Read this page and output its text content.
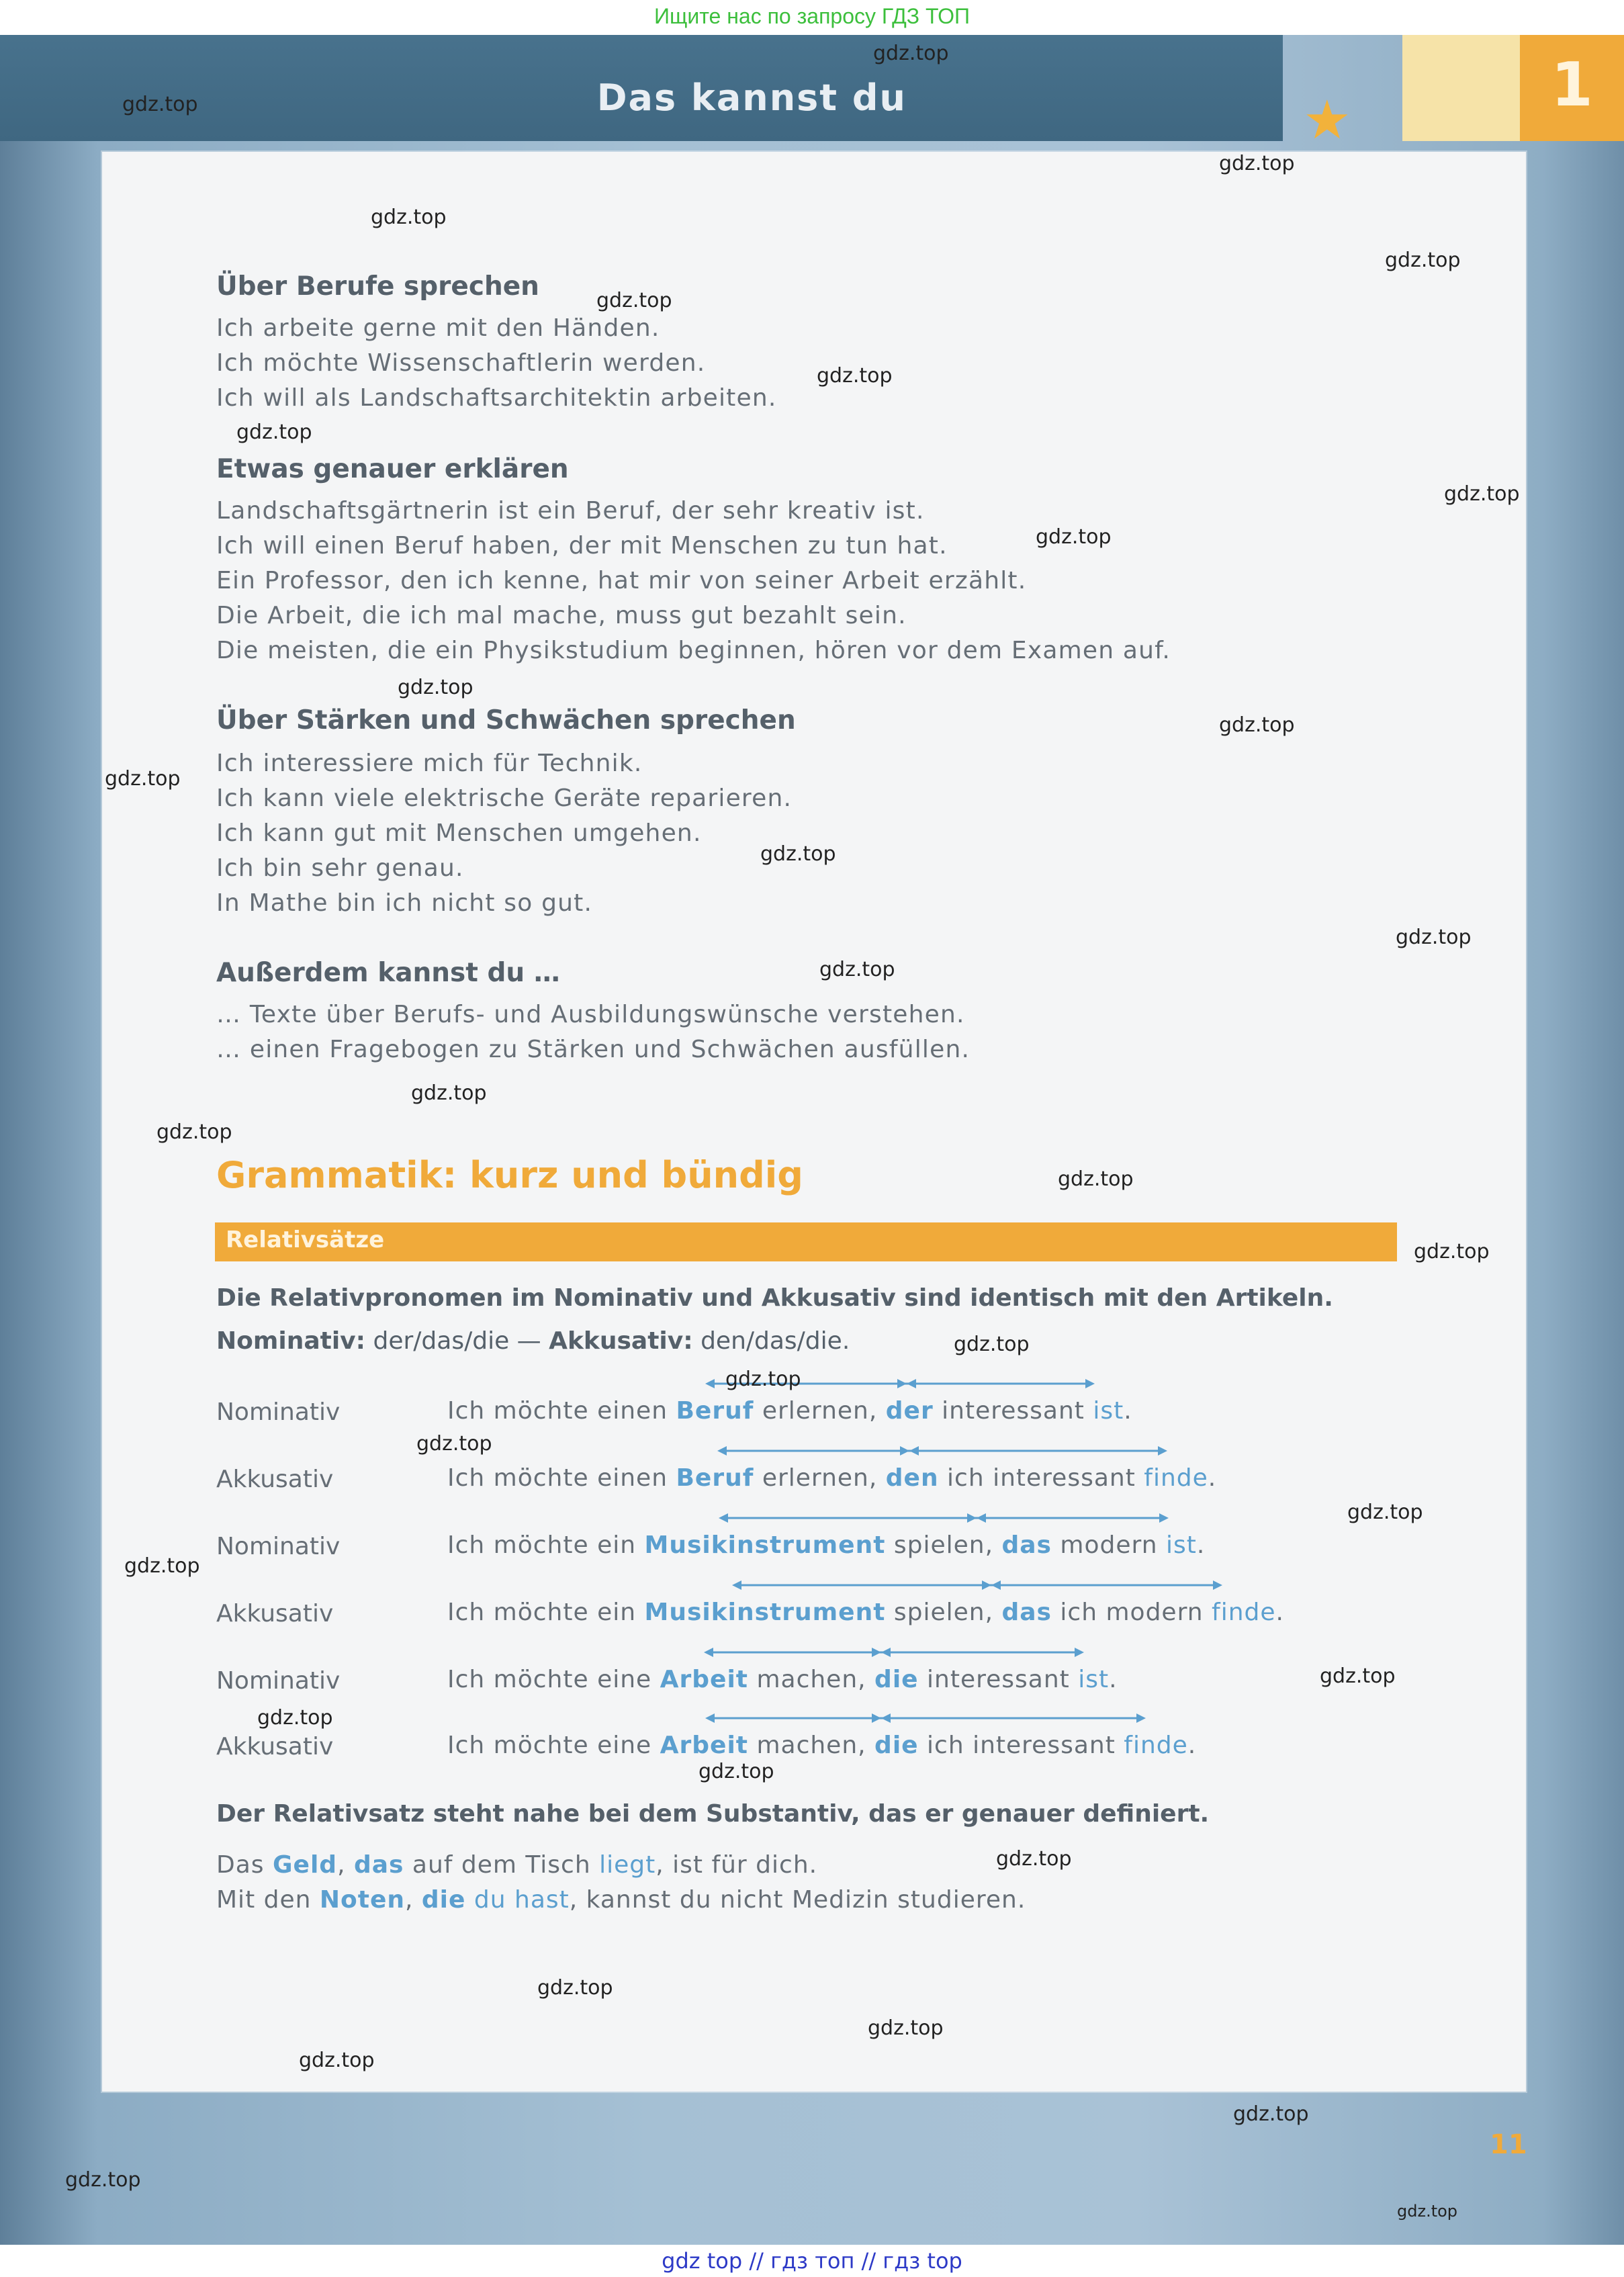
Ищите нас по запросу ГДЗ ТОП
Das kannst du	1
★
Über Berufe sprechen
Ich arbeite gerne mit den Händen.
Ich möchte Wissenschaftlerin werden.
Ich will als Landschaftsarchitektin arbeiten.
Etwas genauer erklären
Landschaftsgärtnerin ist ein Beruf, der sehr kreativ ist.
Ich will einen Beruf haben, der mit Menschen zu tun hat.
Ein Professor, den ich kenne, hat mir von seiner Arbeit erzählt.
Die Arbeit, die ich mal mache, muss gut bezahlt sein.
Die meisten, die ein Physikstudium beginnen, hören vor dem Examen auf.
Über Stärken und Schwächen sprechen
Ich interessiere mich für Technik.
Ich kann viele elektrische Geräte reparieren.
Ich kann gut mit Menschen umgehen.
Ich bin sehr genau.
In Mathe bin ich nicht so gut.
Außerdem kannst du …
… Texte über Berufs- und Ausbildungswünsche verstehen.
… einen Fragebogen zu Stärken und Schwächen ausfüllen.
Grammatik: kurz und bündig
Relativsätze
Die Relativpronomen im Nominativ und Akkusativ sind identisch mit den Artikeln.
Nominativ: der/das/die — Akkusativ: den/das/die.
Nominativ	Ich möchte einen Beruf erlernen, der interessant ist.
Akkusativ	Ich möchte einen Beruf erlernen, den ich interessant finde.
Nominativ	Ich möchte ein Musikinstrument spielen, das modern ist.
Akkusativ	Ich möchte ein Musikinstrument spielen, das ich modern finde.
Nominativ	Ich möchte eine Arbeit machen, die interessant ist.
Akkusativ	Ich möchte eine Arbeit machen, die ich interessant finde.
Der Relativsatz steht nahe bei dem Substantiv, das er genauer definiert.
Das Geld, das auf dem Tisch liegt, ist für dich.
Mit den Noten, die du hast, kannst du nicht Medizin studieren.
11
gdz.top
gdz.top
gdz.top
gdz.top
gdz.top
gdz.top
gdz.top
gdz.top
gdz.top
gdz.top
gdz.top
gdz.top
gdz.top
gdz.top
gdz.top
gdz.top
gdz.top
gdz.top
gdz.top
gdz.top
gdz.top
gdz.top
gdz.top
gdz.top
gdz.top
gdz.top
gdz.top
gdz.top
gdz.top
gdz.top
gdz.top
gdz.top
gdz.top
gdz.top
gdz.top
gdz top // гдз топ // гдз top
